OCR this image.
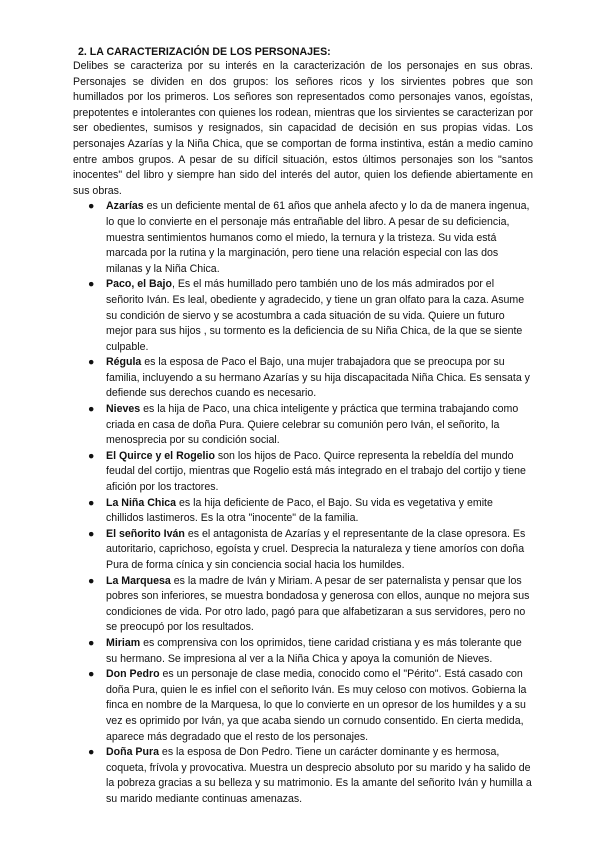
2. LA CARACTERIZACIÓN DE LOS PERSONAJES:

Delibes se caracteriza por su interés en la caracterización de los personajes en sus obras. Personajes se dividen en dos grupos: los señores ricos y los sirvientes pobres que son humillados por los primeros. Los señores son representados como personajes vanos, egoístas, prepotentes e intolerantes con quienes los rodean, mientras que los sirvientes se caracterizan por ser obedientes, sumisos y resignados, sin capacidad de decisión en sus propias vidas. Los personajes Azarías y la Niña Chica, que se comportan de forma instintiva, están a medio camino entre ambos grupos. A pesar de su difícil situación, estos últimos personajes son los "santos inocentes" del libro y siempre han sido del interés del autor, quien los defiende abiertamente en sus obras.

● Azarías es un deficiente mental de 61 años que anhela afecto y lo da de manera ingenua, lo que lo convierte en el personaje más entrañable del libro. A pesar de su deficiencia, muestra sentimientos humanos como el miedo, la ternura y la tristeza. Su vida está marcada por la rutina y la marginación, pero tiene una relación especial con las dos milanas y la Niña Chica.
● Paco, el Bajo, Es el más humillado pero también uno de los más admirados por el señorito Iván. Es leal, obediente y agradecido, y tiene un gran olfato para la caza. Asume su condición de siervo y se acostumbra a cada situación de su vida. Quiere un futuro mejor para sus hijos , su tormento es la deficiencia de su Niña Chica, de la que se siente culpable.
● Régula es la esposa de Paco el Bajo, una mujer trabajadora que se preocupa por su familia, incluyendo a su hermano Azarías y su hija discapacitada Niña Chica. Es sensata y defiende sus derechos cuando es necesario.
● Nieves es la hija de Paco, una chica inteligente y práctica que termina trabajando como criada en casa de doña Pura. Quiere celebrar su comunión pero Iván, el señorito, la menosprecia por su condición social.
● El Quirce y el Rogelio son los hijos de Paco. Quirce representa la rebeldía del mundo feudal del cortijo, mientras que Rogelio está más integrado en el trabajo del cortijo y tiene afición por los tractores.
● La Niña Chica es la hija deficiente de Paco, el Bajo. Su vida es vegetativa y emite chillidos lastimeros. Es la otra "inocente" de la familia.
● El señorito Iván es el antagonista de Azarías y el representante de la clase opresora. Es autoritario, caprichoso, egoísta y cruel. Desprecia la naturaleza y tiene amoríos con doña Pura de forma cínica y sin conciencia social hacia los humildes.
● La Marquesa es la madre de Iván y Miriam. A pesar de ser paternalista y pensar que los pobres son inferiores, se muestra bondadosa y generosa con ellos, aunque no mejora sus condiciones de vida. Por otro lado, pagó para que alfabetizaran a sus servidores, pero no se preocupó por los resultados.
● Miriam es comprensiva con los oprimidos, tiene caridad cristiana y es más tolerante que su hermano. Se impresiona al ver a la Niña Chica y apoya la comunión de Nieves.
● Don Pedro es un personaje de clase media, conocido como el "Périto". Está casado con doña Pura, quien le es infiel con el señorito Iván. Es muy celoso con motivos. Gobierna la finca en nombre de la Marquesa, lo que lo convierte en un opresor de los humildes y a su vez es oprimido por Iván, ya que acaba siendo un cornudo consentido. En cierta medida, aparece más degradado que el resto de los personajes.
● Doña Pura es la esposa de Don Pedro. Tiene un carácter dominante y es hermosa, coqueta, frívola y provocativa. Muestra un desprecio absoluto por su marido y ha salido de la pobreza gracias a su belleza y su matrimonio. Es la amante del señorito Iván y humilla a su marido mediante continuas amenazas.
